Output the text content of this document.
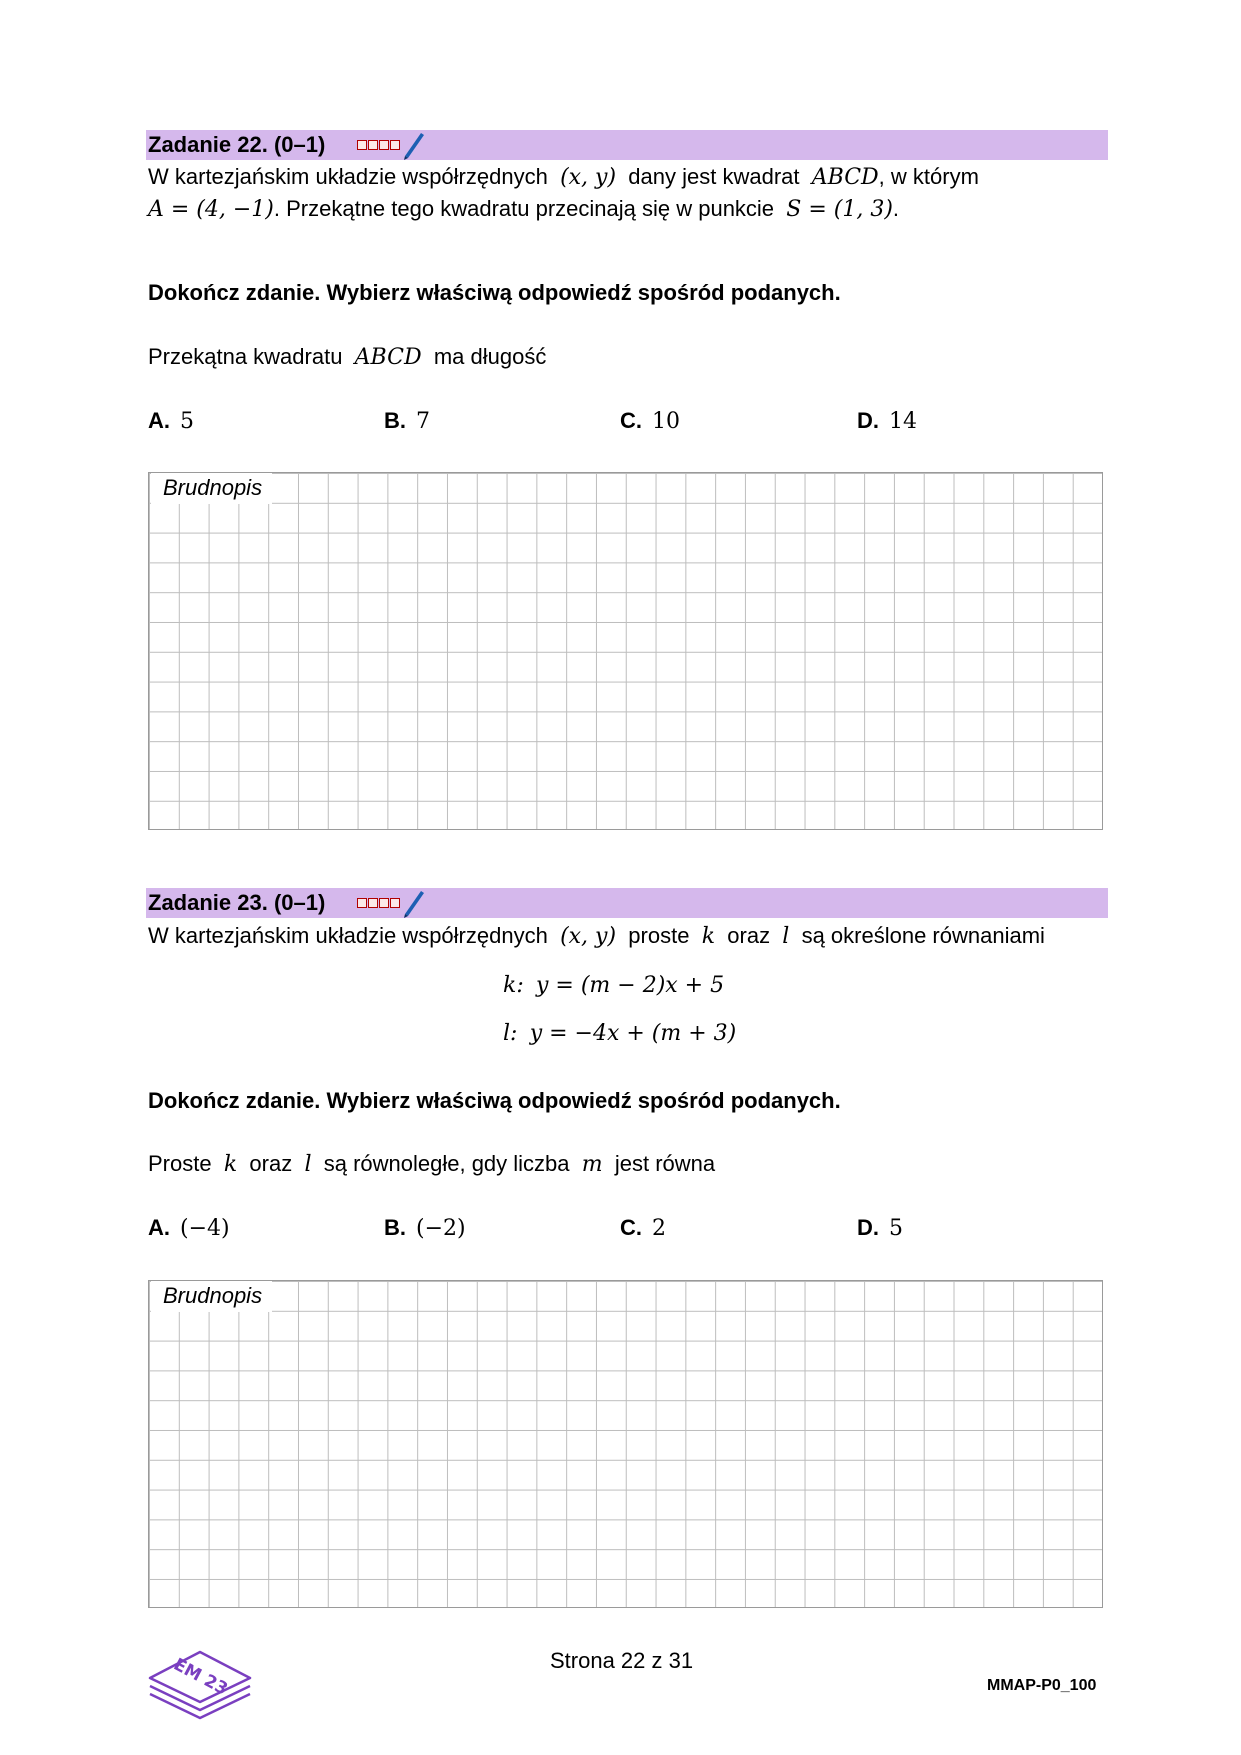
Zadanie 22. (0–1)
W kartezjańskim układzie współrzędnych (x, y) dany jest kwadrat ABCD, w którym
A = (4, −1). Przekątne tego kwadratu przecinają się w punkcie S = (1, 3).
Dokończ zdanie. Wybierz właściwą odpowiedź spośród podanych.
Przekątna kwadratu ABCD ma długość
A. 5	B. 7	C. 10	D. 14
Brudnopis
Zadanie 23. (0–1)
W kartezjańskim układzie współrzędnych (x, y) proste k oraz l są określone równaniami
k: y = (m − 2)x + 5
l: y = −4x + (m + 3)
Dokończ zdanie. Wybierz właściwą odpowiedź spośród podanych.
Proste k oraz l są równoległe, gdy liczba m jest równa
A. (−4)	B. (−2)	C. 2	D. 5
Brudnopis
EM 23	Strona 22 z 31
MMAP-P0_100
